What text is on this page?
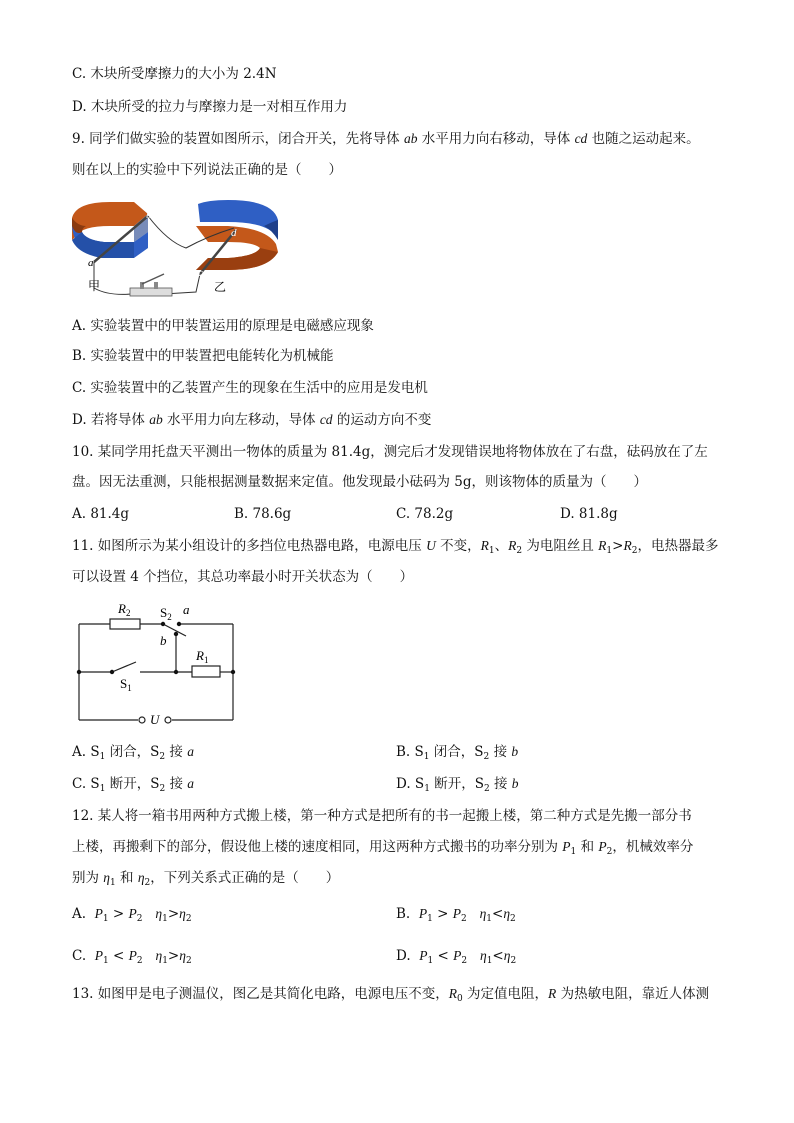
C. 木块所受摩擦力的大小为 2.4N
D. 木块所受的拉力与摩擦力是一对相互作用力
9. 同学们做实验的装置如图所示，闭合开关，先将导体 ab 水平用力向右移动，导体 cd 也随之运动起来。
则在以上的实验中下列说法正确的是（　　）
a
b
c
d
甲	乙
A. 实验装置中的甲装置运用的原理是电磁感应现象
B. 实验装置中的甲装置把电能转化为机械能
C. 实验装置中的乙装置产生的现象在生活中的应用是发电机
D. 若将导体 ab 水平用力向左移动，导体 cd 的运动方向不变
10. 某同学用托盘天平测出一物体的质量为 81.4g，测完后才发现错误地将物体放在了右盘，砝码放在了左
盘。因无法重测，只能根据测量数据来定值。他发现最小砝码为 5g，则该物体的质量为（　　）
A. 81.4g	B. 78.6g	C. 78.2g	D. 81.8g
11. 如图所示为某小组设计的多挡位电热器电路，电源电压 U 不变，$R_1$、$R_2$ 为电阻丝且 $R_1>R_2$，电热器最多
可以设置 4 个挡位，其总功率最小时开关状态为（　　）
$R_2$ $S_2$ a
b
$R_1$
$S_1$
U
A. $S_1$ 闭合，$S_2$ 接 a	B. $S_1$ 闭合，$S_2$ 接 b
C. $S_1$ 断开，$S_2$ 接 a	D. $S_1$ 断开，$S_2$ 接 b
12. 某人将一箱书用两种方式搬上楼，第一种方式是把所有的书一起搬上楼，第二种方式是先搬一部分书
上楼，再搬剩下的部分，假设他上楼的速度相同，用这两种方式搬书的功率分别为 $P_1$ 和 $P_2$，机械效率分
别为 $\eta_1$ 和 $\eta_2$，下列关系式正确的是（　　）
A. $P_1 > P_2$ $\eta_1>\eta_2$	B. $P_1 > P_2$ $\eta_1<\eta_2$
C. $P_1 < P_2$ $\eta_1>\eta_2$	D. $P_1 < P_2$ $\eta_1<\eta_2$
13. 如图甲是电子测温仪，图乙是其简化电路，电源电压不变，$R_0$ 为定值电阻，R 为热敏电阻，靠近人体测
